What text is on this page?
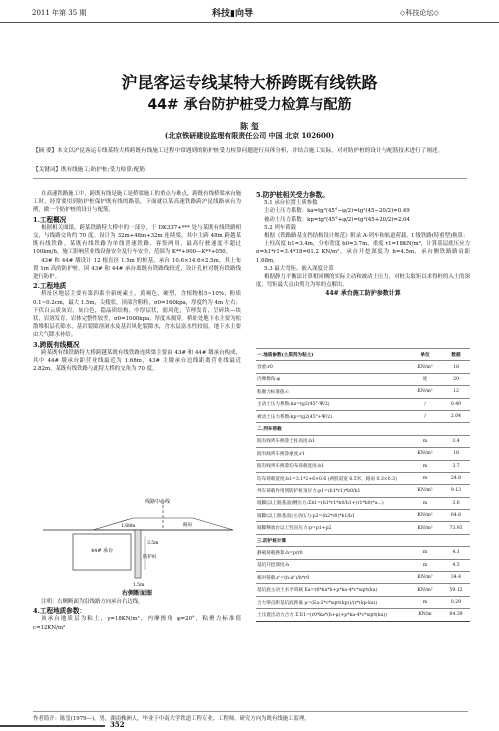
2011 年第 35 期	科技▮向导	◇科技论坛◇
沪昆客运专线某特大桥跨既有线铁路
44# 承台防护桩受力检算与配筋
陈 玺
(北京铁研建设监理有限责任公司 中国 北京 102600)
【摘 要】本文以沪昆客运专线某特大桥跨既有线施工过程中常遇到的防护桩受力检算问题进行具体分析，并结合施工实际，对对防护桩的设计与配筋技术进行了阐述。
【关键词】既有线施工;防护桩;受力检算;配筋

在高速铁路施工中，跨既有线是施工是桥梁施工的重点与难点，跨既有线桥梁承台施工时，经常要用到防护桩保护既有线的路基，下面就以某高速铁路跨沪昆线路承台为例，做一个防护桩的设计与配筋。

1.工程概况

根据相关图纸，跨某铁路特大桥中的一部分，于 DK337+*** 处与某既有线铁路相交，与线路交角约 70 度。设计为 32m+48m+32m 连续梁，其中主跨 48m 跨越某既有线铁路。某既有线铁路为单线普速铁路，客货两用，最高行驶速度不超过 100km/h。施工影响营业线设备安全及行车安全，范围为 K**+900—K**+050。

43# 和 44# 墩设计 12 根直径 1.5m 的桩基，承台 10.6×14.6×2.5m，其上布置 1m 高的防护桩。因 43# 和 44# 承台离既有铁路线较近，设计孔桩对既有铁路线进行防护。

2.工程地质

桥址区地层主要有第四系全新统素土，黄褐色，硬塑，含植物根5~10%；粉质 0.1~0.2cm，最大 1.5m，尖棱状，顶部含粗粒，σ0=160kpa，厚度约为 4m 左右；下伏白云质灰岩，灰白色，隐晶质结构，中厚层状，弱风化，节理发育，呈碎块—块状，岩溶发育，岩体完整性较差，σ0=1000kpa，厚度未揭穿。桥址处地下水主要为松散堆积层孔隙水，基岩裂隙溶洞水及基岩风化裂隙水，含水层富水性较弱，地下水主要由大气降水补给。

3.跨既有线概况

跨某既有线铁路特大桥跨越某既有线铁路连续梁主要由 43# 和 44# 墩承台构成，其中 44# 墩承台距营业线最近为 1.68m，43# 主墩承台边线距离营业线最近 2.82m，某既有线铁路与此特大桥的交角为 70 度。

5.防护桩相关受力参数。

5.1 承台位置土质参数

主动土压力系数：ka=tg²(45°−φ/2)=tg²(45−20/2)=0.49

被动土压力系数：kp=tg²(45°+φ/2)=tg²(45+20/2)=2.04

5.2 列车荷载

根据《铁路路基支挡结构设计规范》附录 A-列车和轨道荷载，I 级铁路(特重型)换算：

土柱高度 h1=3.4m，分布宽度 b0=3.7m，重度 r1=18KN/m³，计算基层底压应力 σ=h1*r1=3.4*18=61.2 KN/m²，承台开挖深度为 h=4.5m，承台侧铁路路肩距 1.68m。

5.3 最大弯矩、嵌入深度计算

根据静力平衡法计算相同侧的实际主动和被动土压力，对桩尖取矩以求得桩的入土的深度，弯矩最大点由剪力为零的点解出。

44# 承台施工防护参数计算

一.地质参数(土质剂为粘土)	单位	数据
容重:r0	KN/m³	18
内摩擦角:φ	度	20
粘聚力标准值:c	KN/m²	12
主动土压力系数:ka=tg2(45°-Ψ/2)	/	0.49
被动土压力系数:kp=tg2(45°+Ψ/2)	/	2.04
二.列车荷载		
既有线列车换算土柱高度:h1	m	3.4
既有线列车换算重度:r1	KN/m³	18
既有线列车换算均布荷载宽度:b1	m	3.7
均布荷载宽度:b1=3.1*2+6×0.6 (两股道宽 6.5米，路肩 0.3×0.3)	m	24.8
列车荷载作用到防护桩顶应力:p1=(h1*r1)*b0/b1	KN/m²	9.13
坡脚(以上路基面)侧压力:Σh1=(h1*r1*b0/b1+(r1*b0)*a...)	m	3.6
坡脚(以上路基面)主动压力:p2=(h2*r0)*b1/b1	KN/m²	64.8
坡脚侧承台以上竖向压力:p=p1+p2	KN/m²	73.93
三.防护桩计算		
静载荷载换算:h=p/r0	m	4.1
基坑开挖深度:h	m	4.5
相对荷载:r'=(h-ir')/h*r0	KN/m³	34.4
基坑底主动土水平荷载 Ea=r0*ka*h+p*ka-4*c*sqrt(ka)	KN/m²	59.12
合力零点距基坑底距离 μ=(Ea-2*c*sqrt(kp))/(r*(kp-ka))	m	0.29
土压置出动力合力 Σ E1=(r0*ka*(h+μ)+p*ka-4*c*sqrt(ka))	KN/m	84.39
线路中心线
路肩
44# 承台
防护桩
3.5m
1.68m
1.5m
右侧断面图

注明：右侧断面为沿线路方向承台右边线。

4.工程地质参数：

该承台地质层为粘土，γ=18KN/m³，内摩擦角 φ=20°，粘聚力标准值 c=12KN/m²

作者简介：陈玺(1979—)，男，湖南株洲人，毕业于中南大学铁道工程专业，工程师，研究方向为既有线施工监理。
352
